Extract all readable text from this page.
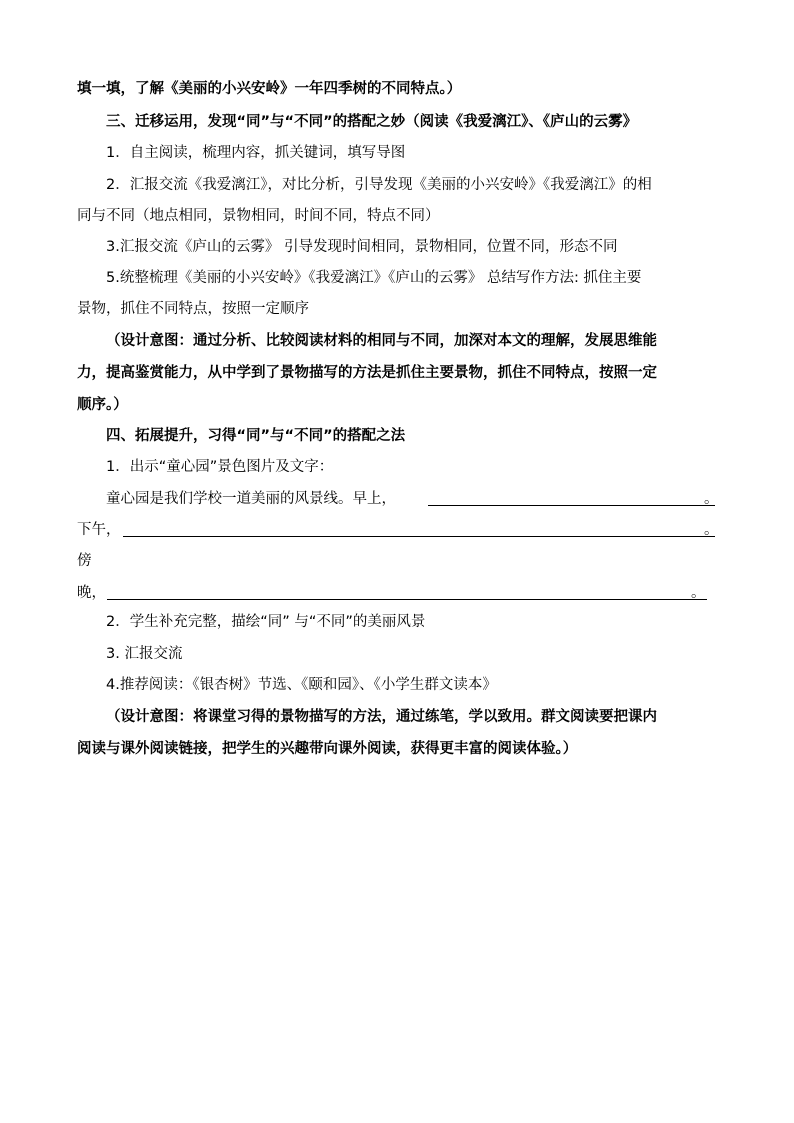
填一填，了解《美丽的小兴安岭》一年四季树的不同特点。）
三、迁移运用，发现“同”与“不同”的搭配之妙（阅读《我爱漓江》、《庐山的云雾》
1．自主阅读，梳理内容，抓关键词，填写导图
2．汇报交流《我爱漓江》，对比分析，引导发现《美丽的小兴安岭》《我爱漓江》的相
同与不同（地点相同，景物相同，时间不同，特点不同）
3.汇报交流《庐山的云雾》 引导发现时间相同，景物相同，位置不同，形态不同
5.统整梳理《美丽的小兴安岭》《我爱漓江》《庐山的云雾》 总结写作方法: 抓住主要
景物，抓住不同特点，按照一定顺序
（设计意图：通过分析、比较阅读材料的相同与不同，加深对本文的理解，发展思维能
力，提高鉴赏能力，从中学到了景物描写的方法是抓住主要景物，抓住不同特点，按照一定
顺序。）
四、拓展提升，习得“同”与“不同”的搭配之法
1．出示“童心园”景色图片及文字：
童心园是我们学校一道美丽的风景线。早上，	。
下午，	。
傍
晚，	。
2．学生补充完整，描绘“同” 与“不同”的美丽风景
3. 汇报交流
4.推荐阅读：《银杏树》节选、《颐和园》、《小学生群文读本》
（设计意图：将课堂习得的景物描写的方法，通过练笔，学以致用。群文阅读要把课内
阅读与课外阅读链接，把学生的兴趣带向课外阅读，获得更丰富的阅读体验。）
